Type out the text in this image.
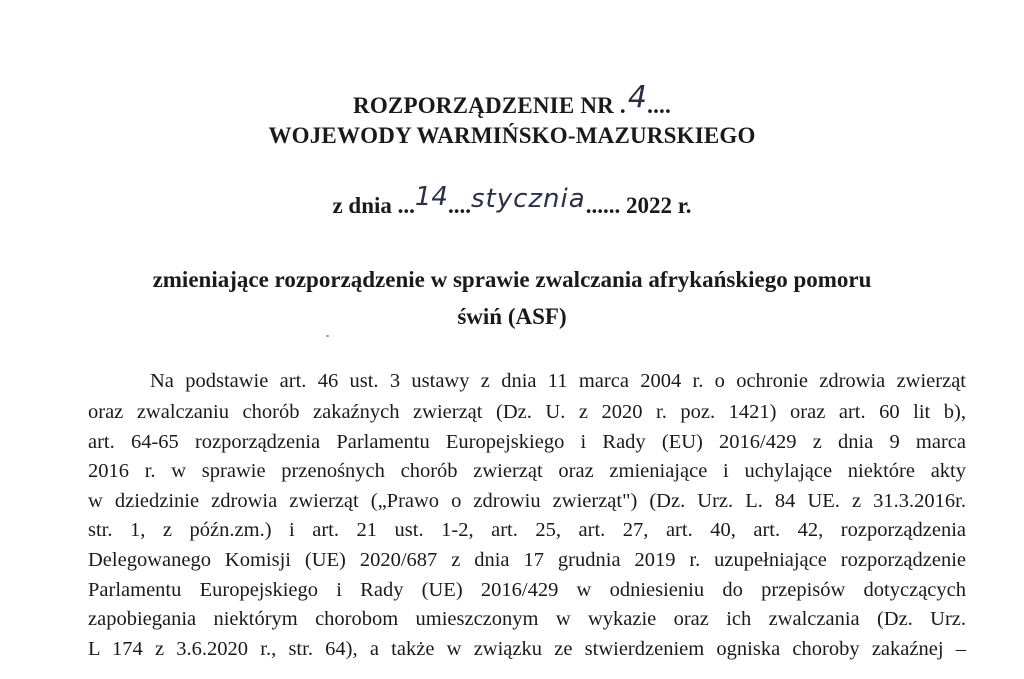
ROZPORZĄDZENIE NR .4....
WOJEWODY WARMIŃSKO-MAZURSKIEGO
z dnia ...14....stycznia...... 2022 r.
zmieniające rozporządzenie w sprawie zwalczania afrykańskiego pomoru
świń (ASF)
Na podstawie art. 46 ust. 3 ustawy z dnia 11 marca 2004 r. o ochronie zdrowia zwierząt
oraz zwalczaniu chorób zakaźnych zwierząt (Dz. U. z 2020 r. poz. 1421) oraz art. 60 lit b),
art. 64-65 rozporządzenia Parlamentu Europejskiego i Rady (EU) 2016/429 z dnia 9 marca
2016 r. w sprawie przenośnych chorób zwierząt oraz zmieniające i uchylające niektóre akty
w dziedzinie zdrowia zwierząt („Prawo o zdrowiu zwierząt") (Dz. Urz. L. 84 UE. z 31.3.2016r.
str. 1, z późn.zm.) i art. 21 ust. 1-2, art. 25, art. 27, art. 40, art. 42, rozporządzenia
Delegowanego Komisji (UE) 2020/687 z dnia 17 grudnia 2019 r. uzupełniające rozporządzenie
Parlamentu Europejskiego i Rady (UE) 2016/429 w odniesieniu do przepisów dotyczących
zapobiegania niektórym chorobom umieszczonym w wykazie oraz ich zwalczania (Dz. Urz.
L 174 z 3.6.2020 r., str. 64), a także w związku ze stwierdzeniem ogniska choroby zakaźnej –
